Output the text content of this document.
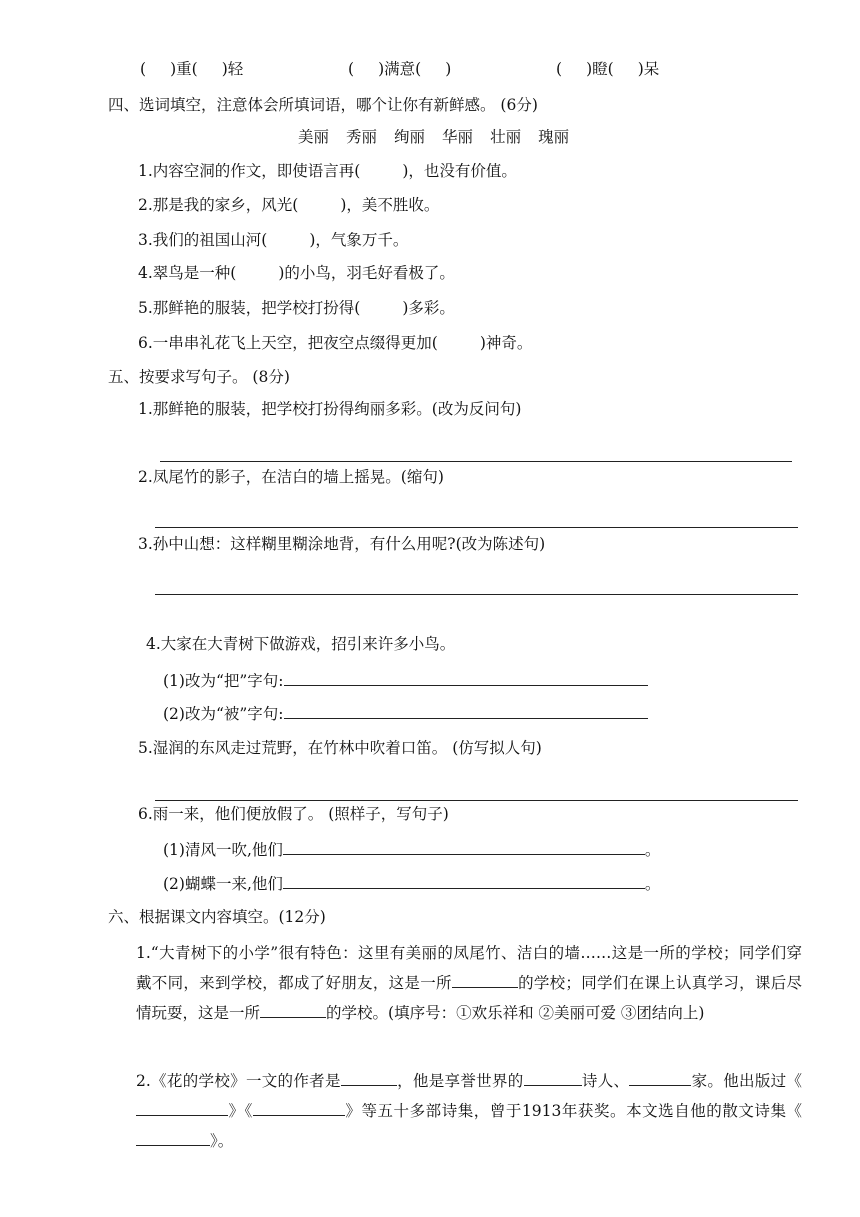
( )重( )轻	( )满意( )	( )瞪( )呆
四、选词填空，注意体会所填词语，哪个让你有新鲜感。 (6分)
美丽 秀丽 绚丽 华丽 壮丽 瑰丽
1.内容空洞的作文，即使语言再(	)，也没有价值。
2.那是我的家乡，风光(	)，美不胜收。
3.我们的祖国山河(	)，气象万千。
4.翠鸟是一种(	)的小鸟，羽毛好看极了。
5.那鲜艳的服装，把学校打扮得(	)多彩。
6.一串串礼花飞上天空，把夜空点缀得更加(	)神奇。
五、按要求写句子。 (8分)
1.那鲜艳的服装，把学校打扮得绚丽多彩。(改为反问句)
2.凤尾竹的影子，在洁白的墙上摇晃。(缩句)
3.孙中山想：这样糊里糊涂地背，有什么用呢?(改为陈述句)
4.大家在大青树下做游戏，招引来许多小鸟。
(1)改为“把”字句:
(2)改为“被”字句:
5.湿润的东风走过荒野，在竹林中吹着口笛。 (仿写拟人句)
6.雨一来，他们便放假了。 (照样子，写句子)
(1)清风一吹,他们	。
(2)蝴蝶一来,他们	。
六、根据课文内容填空。(12分)
1.“大青树下的小学”很有特色：这里有美丽的凤尾竹、洁白的墙……这是一所的学校；同学们穿戴不同，来到学校，都成了好朋友，这是一所	的学校；同学们在课上认真学习，课后尽情玩耍，这是一所	的学校。(填序号：①欢乐祥和 ②美丽可爱 ③团结向上)
2.《花的学校》一文的作者是	，他是享誉世界的	诗人、	家。他出版过《》《	》等五十多部诗集，曾于1913年获奖。本文选自他的散文诗集《》。
